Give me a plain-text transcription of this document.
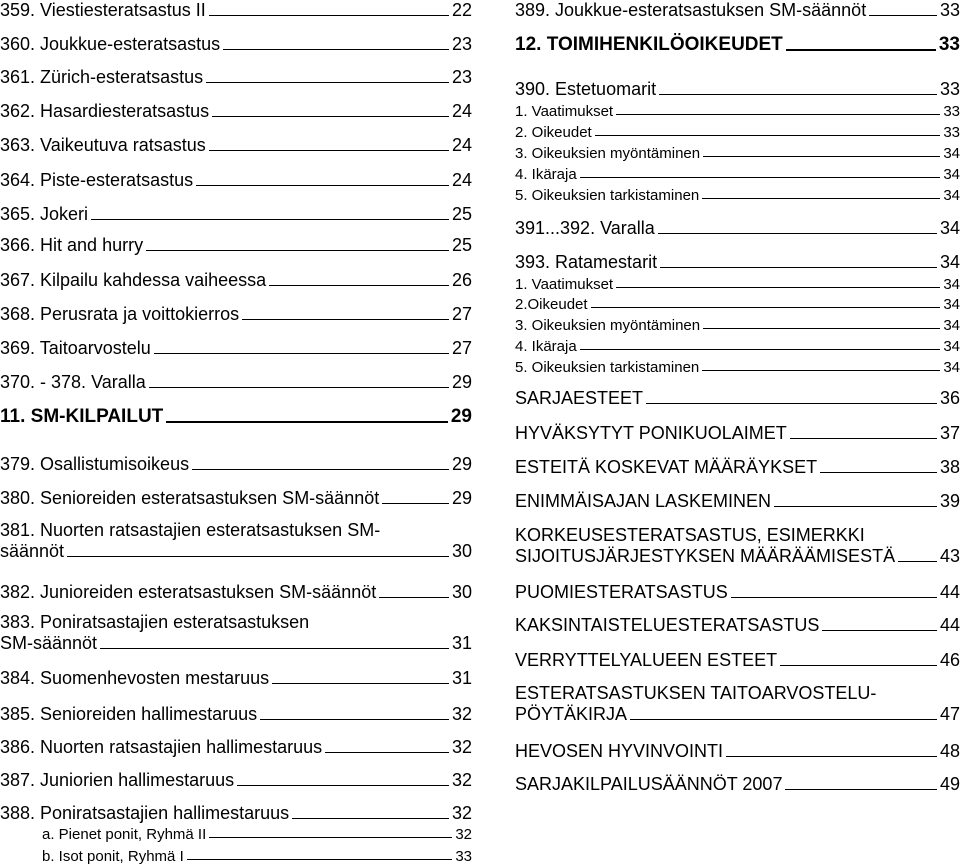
359. Viestiesteratsastus II	22
360. Joukkue-esteratsastus	23
361. Zürich-esteratsastus	23
362. Hasardiesteratsastus	24
363. Vaikeutuva ratsastus	24
364. Piste-esteratsastus	24
365. Jokeri	25
366. Hit and hurry	25
367. Kilpailu kahdessa vaiheessa	26
368. Perusrata ja voittokierros	27
369. Taitoarvostelu	27
370. - 378. Varalla	29
11. SM-KILPAILUT	29
379. Osallistumisoikeus	29
380. Senioreiden esteratsastuksen SM-säännöt	29
381. Nuorten ratsastajien esteratsastuksen SM-
säännöt	30
382. Junioreiden esteratsastuksen SM-säännöt	30
383. Poniratsastajien esteratsastuksen
SM-säännöt	31
384. Suomenhevosten mestaruus	31
385. Senioreiden hallimestaruus	32
386. Nuorten ratsastajien hallimestaruus	32
387. Juniorien hallimestaruus	32
388. Poniratsastajien hallimestaruus	32
a. Pienet ponit, Ryhmä II	32
b. Isot ponit, Ryhmä I	33
389. Joukkue-esteratsastuksen SM-säännöt	33
12. TOIMIHENKILÖOIKEUDET	33
390. Estetuomarit	33
1. Vaatimukset	33
2. Oikeudet	33
3. Oikeuksien myöntäminen	34
4. Ikäraja	34
5. Oikeuksien tarkistaminen	34
391...392. Varalla	34
393. Ratamestarit	34
1. Vaatimukset	34
2.Oikeudet	34
3. Oikeuksien myöntäminen	34
4. Ikäraja	34
5. Oikeuksien tarkistaminen	34
SARJAESTEET	36
HYVÄKSYTYT PONIKUOLAIMET	37
ESTEITÄ KOSKEVAT MÄÄRÄYKSET	38
ENIMMÄISAJAN LASKEMINEN	39
KORKEUSESTERATSASTUS, ESIMERKKI
SIJOITUSJÄRJESTYKSEN MÄÄRÄÄMISESTÄ 43
PUOMIESTERATSASTUS	44
KAKSINTAISTELUESTERATSASTUS	44
VERRYTTELYALUEEN ESTEET	46
ESTERATSASTUKSEN TAITOARVOSTELU-
PÖYTÄKIRJA	47
HEVOSEN HYVINVOINTI	48
SARJAKILPAILUSÄÄNNÖT 2007	49
